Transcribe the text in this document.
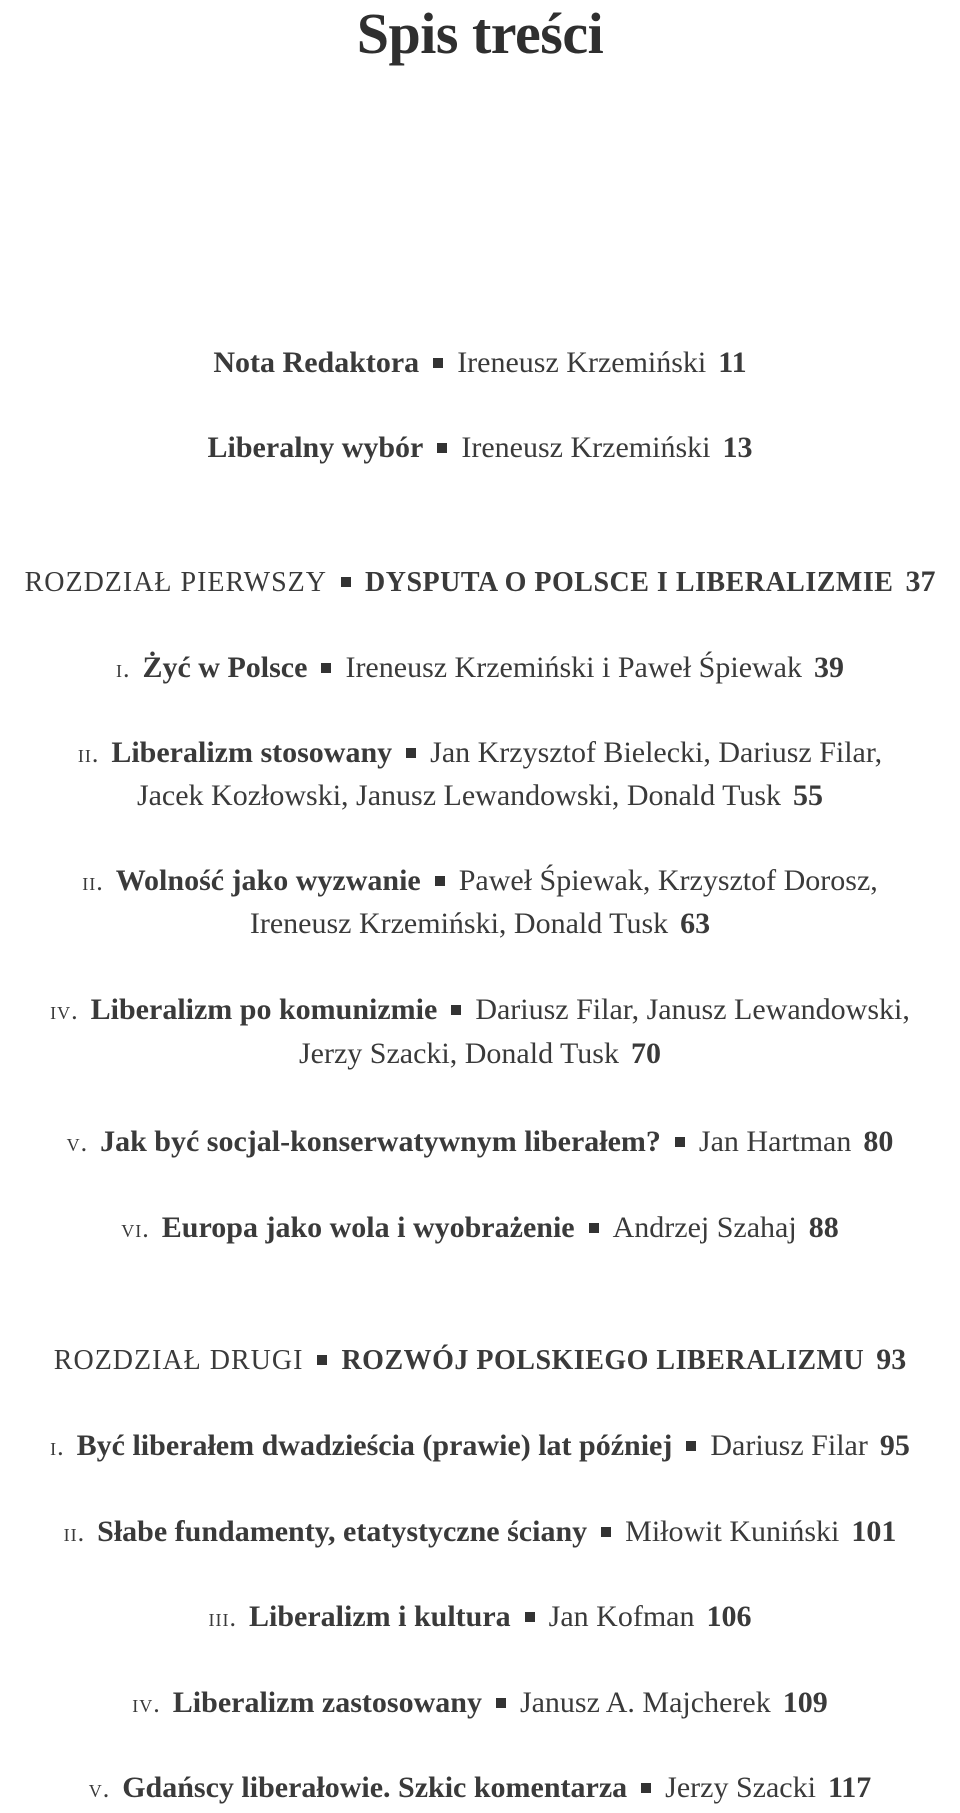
Spis treści
Nota Redaktora Ireneusz Krzemiński 11
Liberalny wybór Ireneusz Krzemiński 13
ROZDZIAŁ PIERWSZY DYSPUTA O POLSCE I LIBERALIZMIE 37
i. Żyć w Polsce Ireneusz Krzemiński i Paweł Śpiewak 39
ii. Liberalizm stosowany Jan Krzysztof Bielecki, Dariusz Filar,
Jacek Kozłowski, Janusz Lewandowski, Donald Tusk 55
ii. Wolność jako wyzwanie Paweł Śpiewak, Krzysztof Dorosz,
Ireneusz Krzemiński, Donald Tusk 63
iv. Liberalizm po komunizmie Dariusz Filar, Janusz Lewandowski,
Jerzy Szacki, Donald Tusk 70
v. Jak być socjal-konserwatywnym liberałem? Jan Hartman 80
vi. Europa jako wola i wyobrażenie Andrzej Szahaj 88
ROZDZIAŁ DRUGI ROZWÓJ POLSKIEGO LIBERALIZMU 93
i. Być liberałem dwadzieścia (prawie) lat później Dariusz Filar 95
ii. Słabe fundamenty, etatystyczne ściany Miłowit Kuniński 101
iii. Liberalizm i kultura Jan Kofman 106
iv. Liberalizm zastosowany Janusz A. Majcherek 109
v. Gdańscy liberałowie. Szkic komentarza Jerzy Szacki 117
